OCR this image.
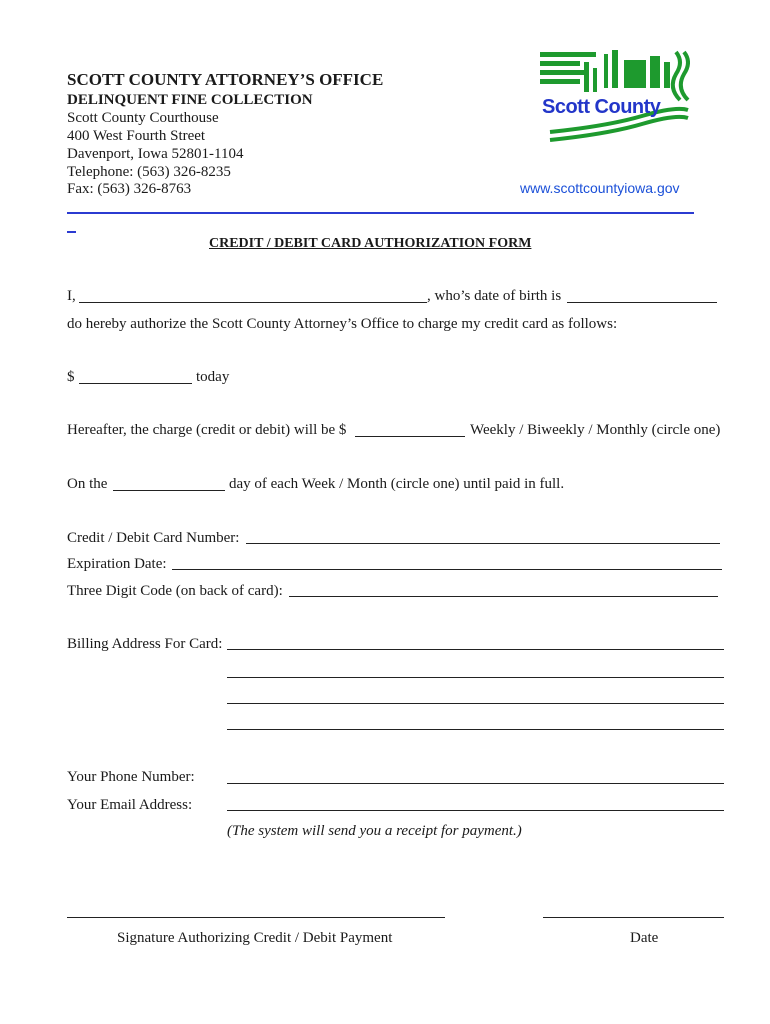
SCOTT COUNTY ATTORNEY’S OFFICE
DELINQUENT FINE COLLECTION
Scott County Courthouse
400 West Fourth Street
Davenport, Iowa 52801-1104
Telephone: (563) 326-8235
Fax: (563) 326-8763
Scott County
www.scottcountyiowa.gov
CREDIT / DEBIT CARD AUTHORIZATION FORM
I,	, who’s date of birth is
do hereby authorize the Scott County Attorney’s Office to charge my credit card as follows:
$	today
Hereafter, the charge (credit or debit) will be $	Weekly / Biweekly / Monthly (circle one)
On the	day of each Week / Month (circle one) until paid in full.
Credit / Debit Card Number:
Expiration Date:
Three Digit Code (on back of card):
Billing Address For Card:
Your Phone Number:
Your Email Address:
(The system will send you a receipt for payment.)
Signature Authorizing Credit / Debit Payment	Date
